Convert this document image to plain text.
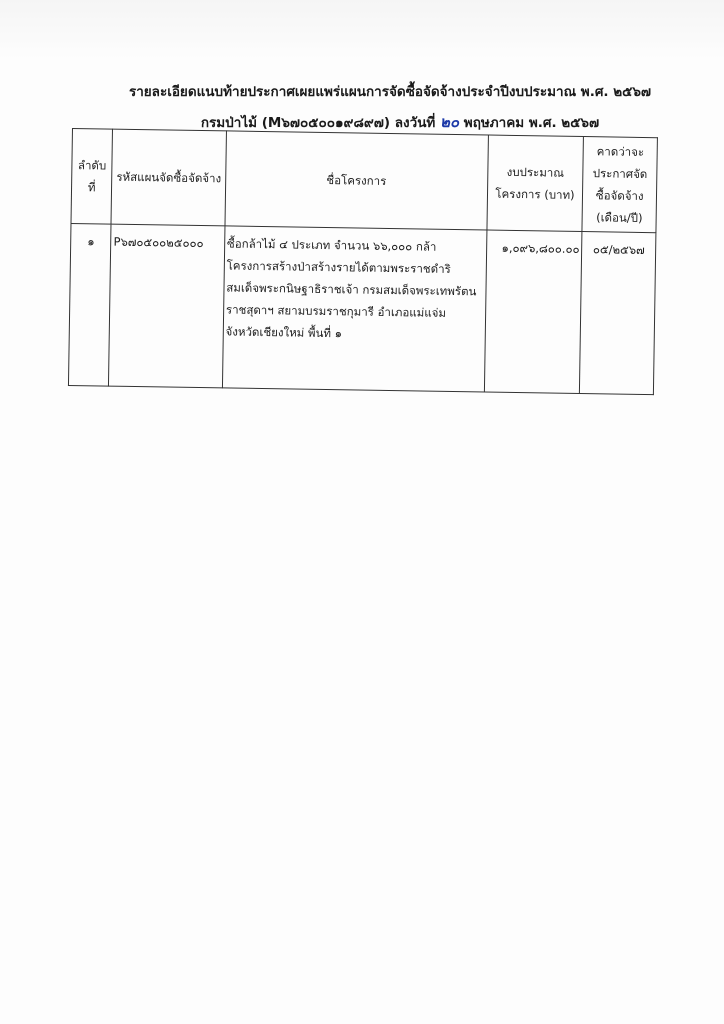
รายละเอียดแนบท้ายประกาศเผยแพร่แผนการจัดซื้อจัดจ้างประจำปีงบประมาณ พ.ศ. ๒๕๖๗
กรมป่าไม้ (M๖๗๐๕๐๐๑๙๘๙๗) ลงวันที่ ๒๐ พฤษภาคม พ.ศ. ๒๕๖๗
ลำดับที่	รหัสแผนจัดซื้อจัดจ้าง	ชื่อโครงการ	งบประมาณโครงการ (บาท)	คาดว่าจะประกาศจัดซื้อจัดจ้าง (เดือน/ปี)
๑	P๖๗๐๕๐๐๒๕๐๐๐	ซื้อกล้าไม้ ๔ ประเภท จำนวน ๖๖,๐๐๐ กล้า โครงการสร้างป่าสร้างรายได้ตามพระราชดำริ สมเด็จพระกนิษฐาธิราชเจ้า กรมสมเด็จพระเทพรัตนราชสุดาฯ สยามบรมราชกุมารี อำเภอแม่แจ่ม จังหวัดเชียงใหม่ พื้นที่ ๑	๑,๐๙๖,๘๐๐.๐๐	๐๕/๒๕๖๗
